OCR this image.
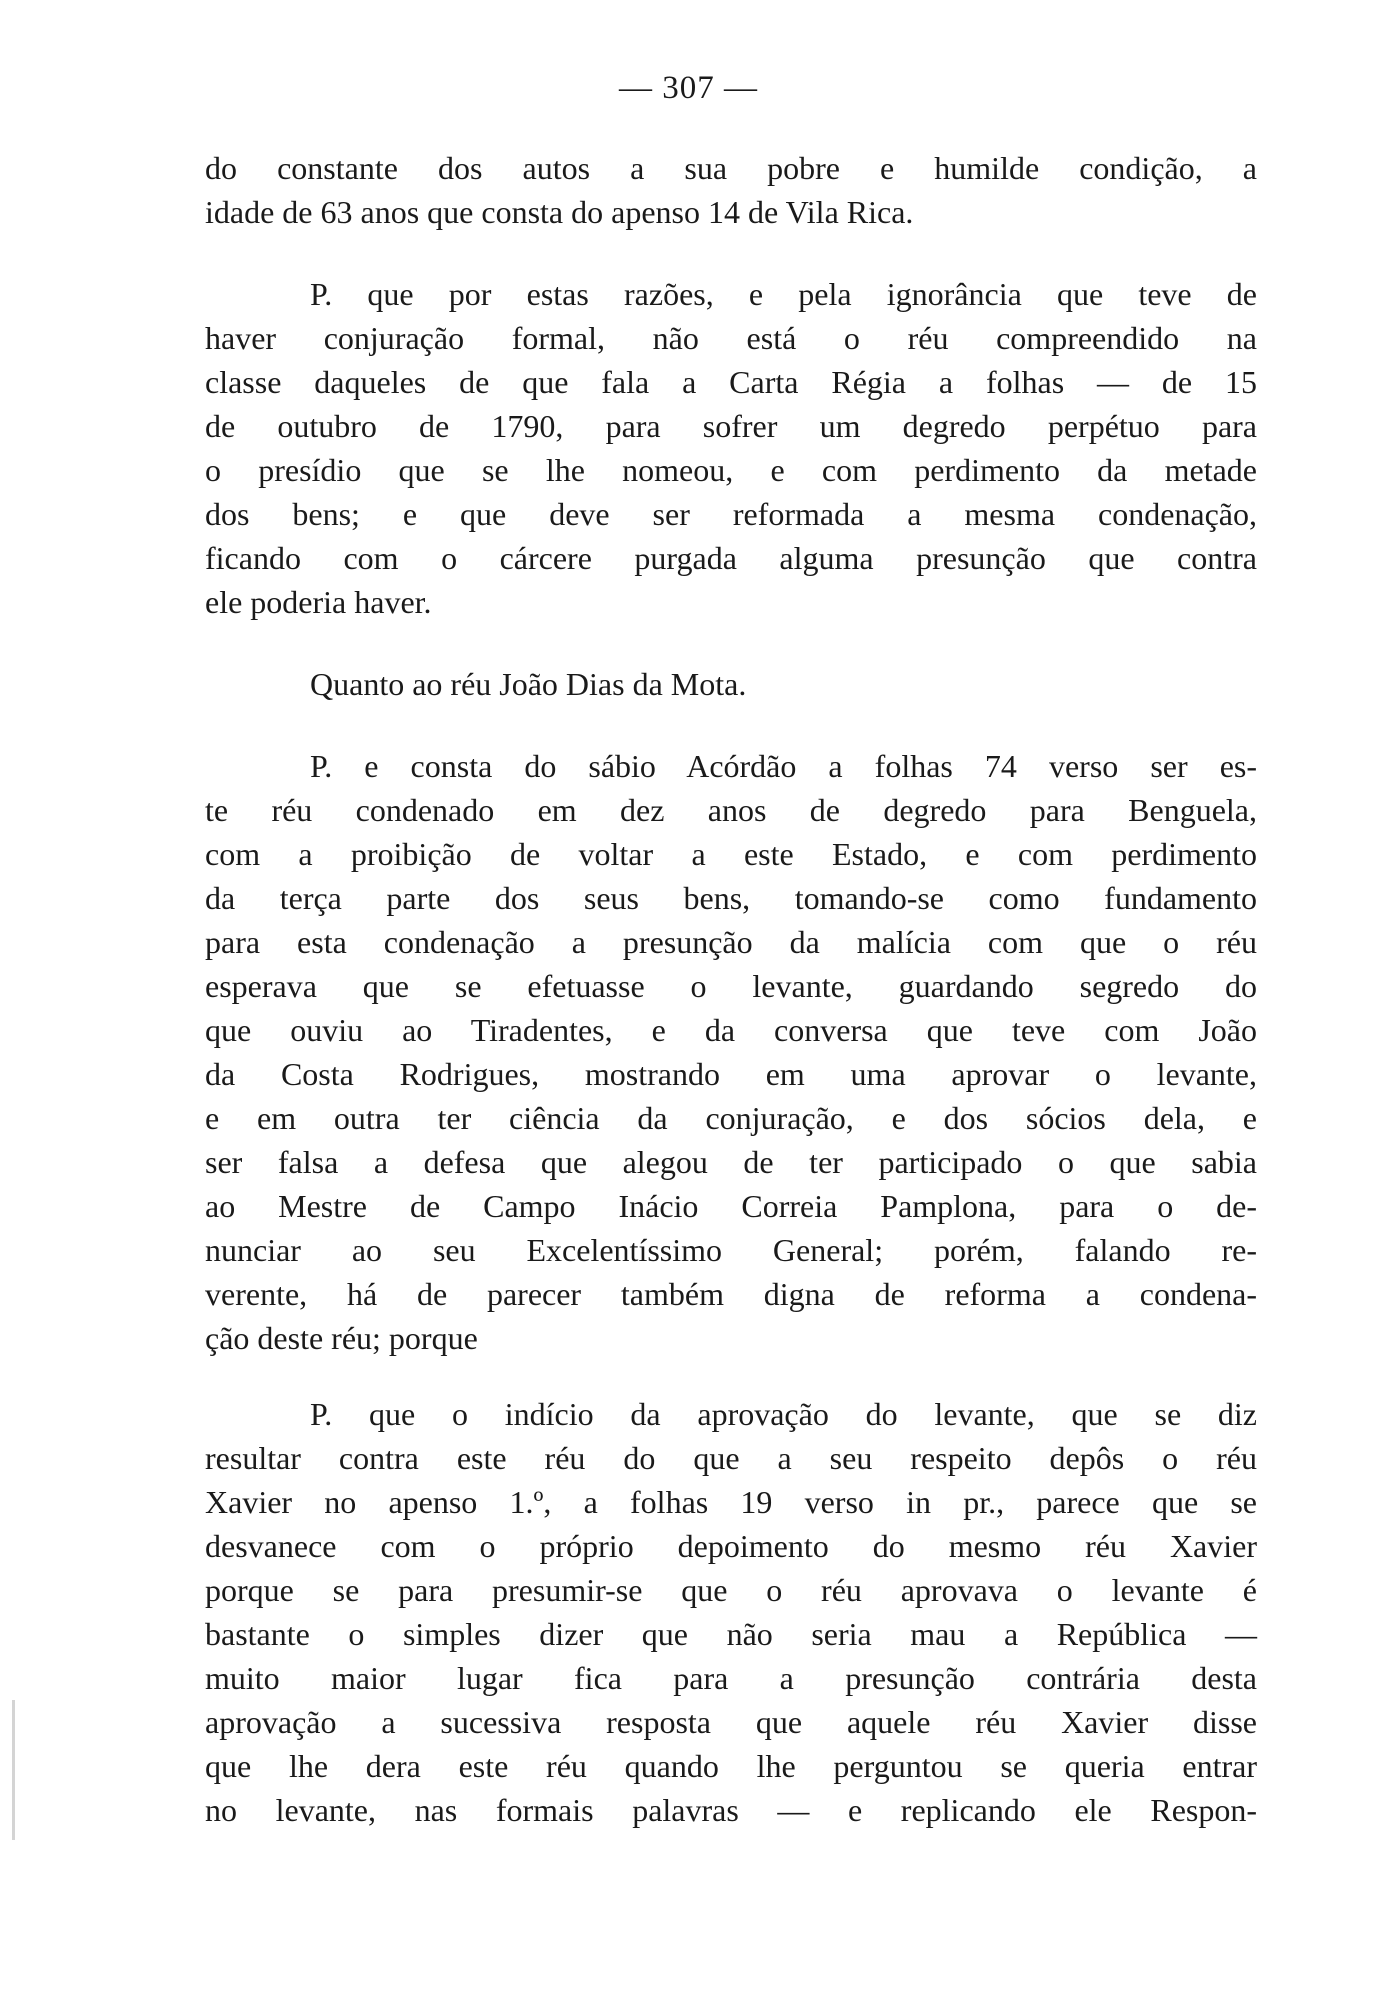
— 307 —
do constante dos autos a sua pobre e humilde condição, a
idade de 63 anos que consta do apenso 14 de Vila Rica.
P. que por estas razões, e pela ignorância que teve de
haver conjuração formal, não está o réu compreendido na
classe daqueles de que fala a Carta Régia a folhas — de 15
de outubro de 1790, para sofrer um degredo perpétuo para
o presídio que se lhe nomeou, e com perdimento da metade
dos bens; e que deve ser reformada a mesma condenação,
ficando com o cárcere purgada alguma presunção que contra
ele poderia haver.
Quanto ao réu João Dias da Mota.
P. e consta do sábio Acórdão a folhas 74 verso ser es-
te réu condenado em dez anos de degredo para Benguela,
com a proibição de voltar a este Estado, e com perdimento
da terça parte dos seus bens, tomando-se como fundamento
para esta condenação a presunção da malícia com que o réu
esperava que se efetuasse o levante, guardando segredo do
que ouviu ao Tiradentes, e da conversa que teve com João
da Costa Rodrigues, mostrando em uma aprovar o levante,
e em outra ter ciência da conjuração, e dos sócios dela, e
ser falsa a defesa que alegou de ter participado o que sabia
ao Mestre de Campo Inácio Correia Pamplona, para o de-
nunciar ao seu Excelentíssimo General; porém, falando re-
verente, há de parecer também digna de reforma a condena-
ção deste réu; porque
P. que o indício da aprovação do levante, que se diz
resultar contra este réu do que a seu respeito depôs o réu
Xavier no apenso 1.º, a folhas 19 verso in pr., parece que se
desvanece com o próprio depoimento do mesmo réu Xavier
porque se para presumir-se que o réu aprovava o levante é
bastante o simples dizer que não seria mau a República —
muito maior lugar fica para a presunção contrária desta
aprovação a sucessiva resposta que aquele réu Xavier disse
que lhe dera este réu quando lhe perguntou se queria entrar
no levante, nas formais palavras — e replicando ele Respon-
